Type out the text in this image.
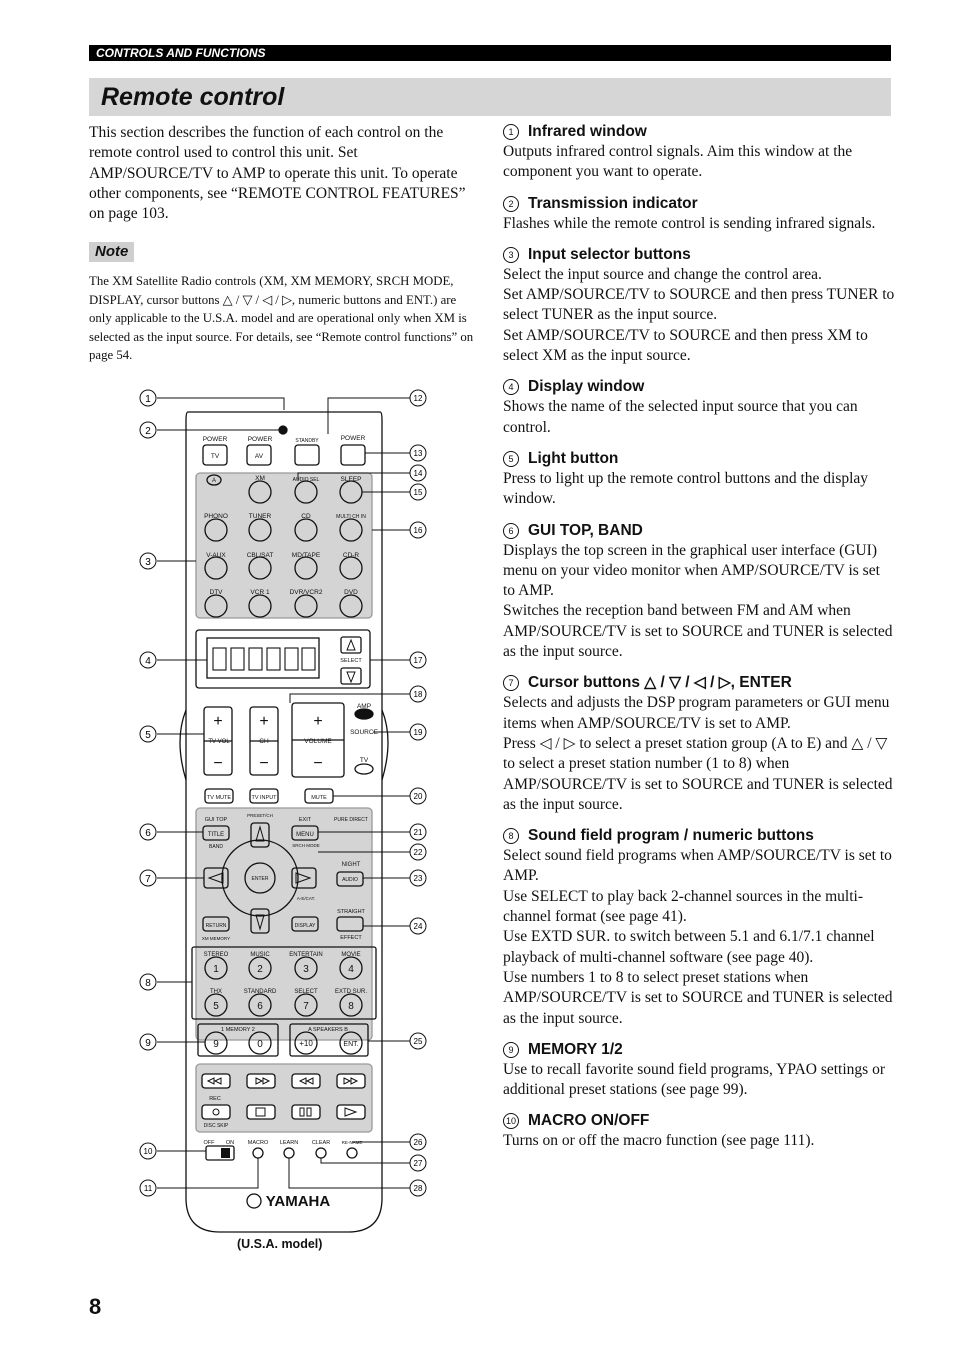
CONTROLS AND FUNCTIONS
Remote control

This section describes the function of each control on the remote control used to control this unit. Set AMP/SOURCE/TV to AMP to operate this unit. To operate other components, see “REMOTE CONTROL FEATURES” on page 103.

Note

The XM Satellite Radio controls (XM, XM MEMORY, SRCH MODE, DISPLAY, cursor buttons △ / ▽ / ◁ / ▷, numeric buttons and ENT.) are only applicable to the U.S.A. model and are operational only when XM is selected as the input source. For details, see “Remote control functions” on page 54.

1
2
3
4
5
6
7
8
9
10
11
12
13
14
15
16
17
18
19
20
21
22
23
24
25
26
27
28
POWER
TV
POWER
AV
STANDBY	POWER
A	XM	AUDIO SEL	SLEEP
PHONO	TUNER	CD	MULTI CH IN
V-AUX	CBL/SAT	MD/TAPE	CD-R
DTV	VCR 1	DVR/VCR2	DVD
SELECT
AMP
SOURCE
TV
TV VOL	CH	VOLUME
+ +	+
− −	−
TV MUTE	TV INPUT	MUTE
GUI TOP
TITLE
BAND
PRESET/CH
EXIT
MENU
SRCH MODE
PURE DIRECT
ENTER
NIGHT
AUDIO
A-E/CAT.
RETURN
XM MEMORY
DISPLAY
STRAIGHT
EFFECT
STEREO	MUSIC	ENTERTAIN	MOVIE
THX	STANDARD	SELECT	EXTD SUR.
1 MEMORY 2	A SPEAKERS B
1	2	3	4
5	6	7	8
9	0	+10	ENT.
REC
DISC SKIP
OFF ON MACRO LEARN CLEAR	RE-NAME
YAMAHA
(U.S.A. model)
1 Infrared window

Outputs infrared control signals. Aim this window at the component you want to operate.

2 Transmission indicator

Flashes while the remote control is sending infrared signals.

3 Input selector buttons

Select the input source and change the control area.

Set AMP/SOURCE/TV to SOURCE and then press TUNER to select TUNER as the input source.

Set AMP/SOURCE/TV to SOURCE and then press XM to select XM as the input source.

4 Display window

Shows the name of the selected input source that you can control.

5 Light button

Press to light up the remote control buttons and the display window.

6 GUI TOP, BAND

Displays the top screen in the graphical user interface (GUI) menu on your video monitor when AMP/SOURCE/TV is set to AMP.

Switches the reception band between FM and AM when AMP/SOURCE/TV is set to SOURCE and TUNER is selected as the input source.

7 Cursor buttons △ / ▽ / ◁ / ▷, ENTER

Selects and adjusts the DSP program parameters or GUI menu items when AMP/SOURCE/TV is set to AMP.

Press ◁ / ▷ to select a preset station group (A to E) and △ / ▽ to select a preset station number (1 to 8) when AMP/SOURCE/TV is set to SOURCE and TUNER is selected as the input source.

8 Sound field program / numeric buttons

Select sound field programs when AMP/SOURCE/TV is set to AMP.

Use SELECT to play back 2-channel sources in the multi-channel format (see page 41).

Use EXTD SUR. to switch between 5.1 and 6.1/7.1 channel playback of multi-channel software (see page 40).

Use numbers 1 to 8 to select preset stations when AMP/SOURCE/TV is set to SOURCE and TUNER is selected as the input source.

9 MEMORY 1/2

Use to recall favorite sound field programs, YPAO settings or additional preset stations (see page 99).

10 MACRO ON/OFF

Turns on or off the macro function (see page 111).

8
